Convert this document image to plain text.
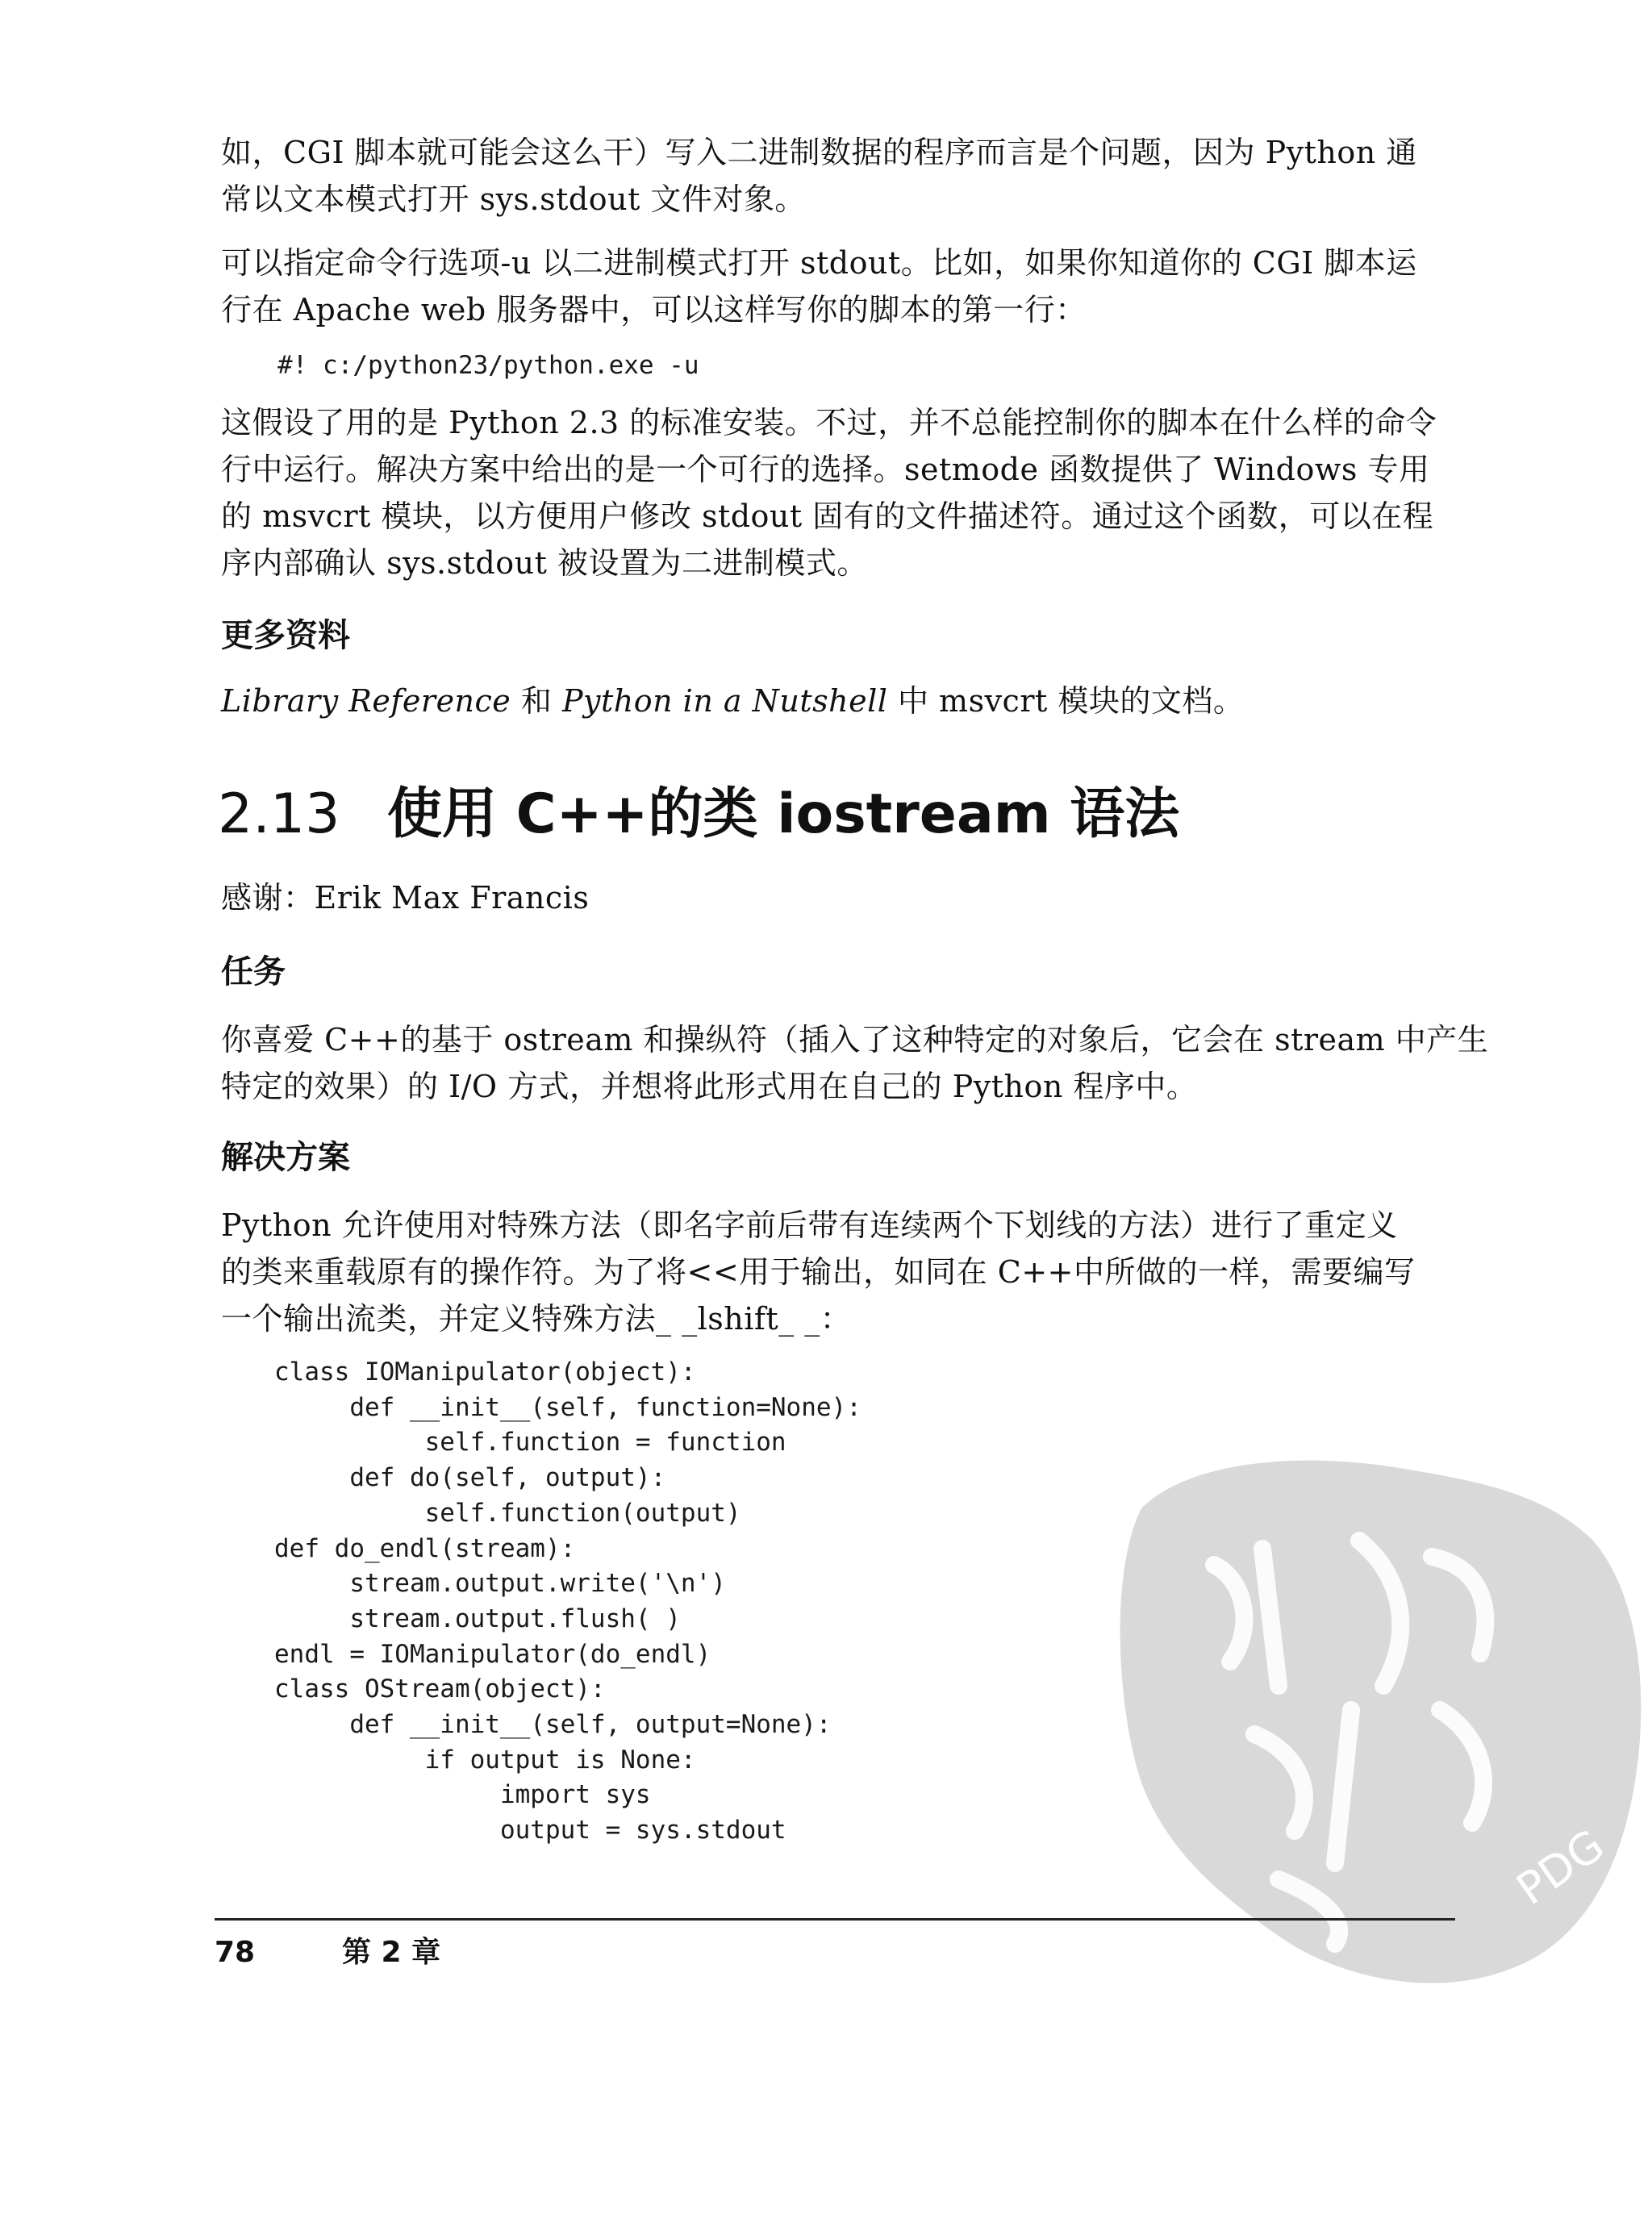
如，CGI 脚本就可能会这么干）写入二进制数据的程序而言是个问题，因为 Python 通
常以文本模式打开 sys.stdout 文件对象。
可以指定命令行选项-u 以二进制模式打开 stdout。比如，如果你知道你的 CGI 脚本运
行在 Apache web 服务器中，可以这样写你的脚本的第一行：
#! c:/python23/python.exe -u
这假设了用的是 Python 2.3 的标准安装。不过，并不总能控制你的脚本在什么样的命令
行中运行。解决方案中给出的是一个可行的选择。setmode 函数提供了 Windows 专用
的 msvcrt 模块，以方便用户修改 stdout 固有的文件描述符。通过这个函数，可以在程
序内部确认 sys.stdout 被设置为二进制模式。
更多资料
Library Reference 和 Python in a Nutshell 中 msvcrt 模块的文档。
2.13 使用 C++的类 iostream 语法
感谢：Erik Max Francis
任务
你喜爱 C++的基于 ostream 和操纵符（插入了这种特定的对象后，它会在 stream 中产生
特定的效果）的 I/O 方式，并想将此形式用在自己的 Python 程序中。
解决方案
Python 允许使用对特殊方法（即名字前后带有连续两个下划线的方法）进行了重定义
的类来重载原有的操作符。为了将<<用于输出，如同在 C++中所做的一样，需要编写
一个输出流类，并定义特殊方法_ _lshift_ _：
class IOManipulator(object):
def __init__(self, function=None):
self.function = function
def do(self, output):
self.function(output)
def do_endl(stream):
stream.output.write('\n')
stream.output.flush( )
endl = IOManipulator(do_endl)
class OStream(object):
def __init__(self, output=None):
if output is None:
import sys
output = sys.stdout	PDG

78	第 2 章
